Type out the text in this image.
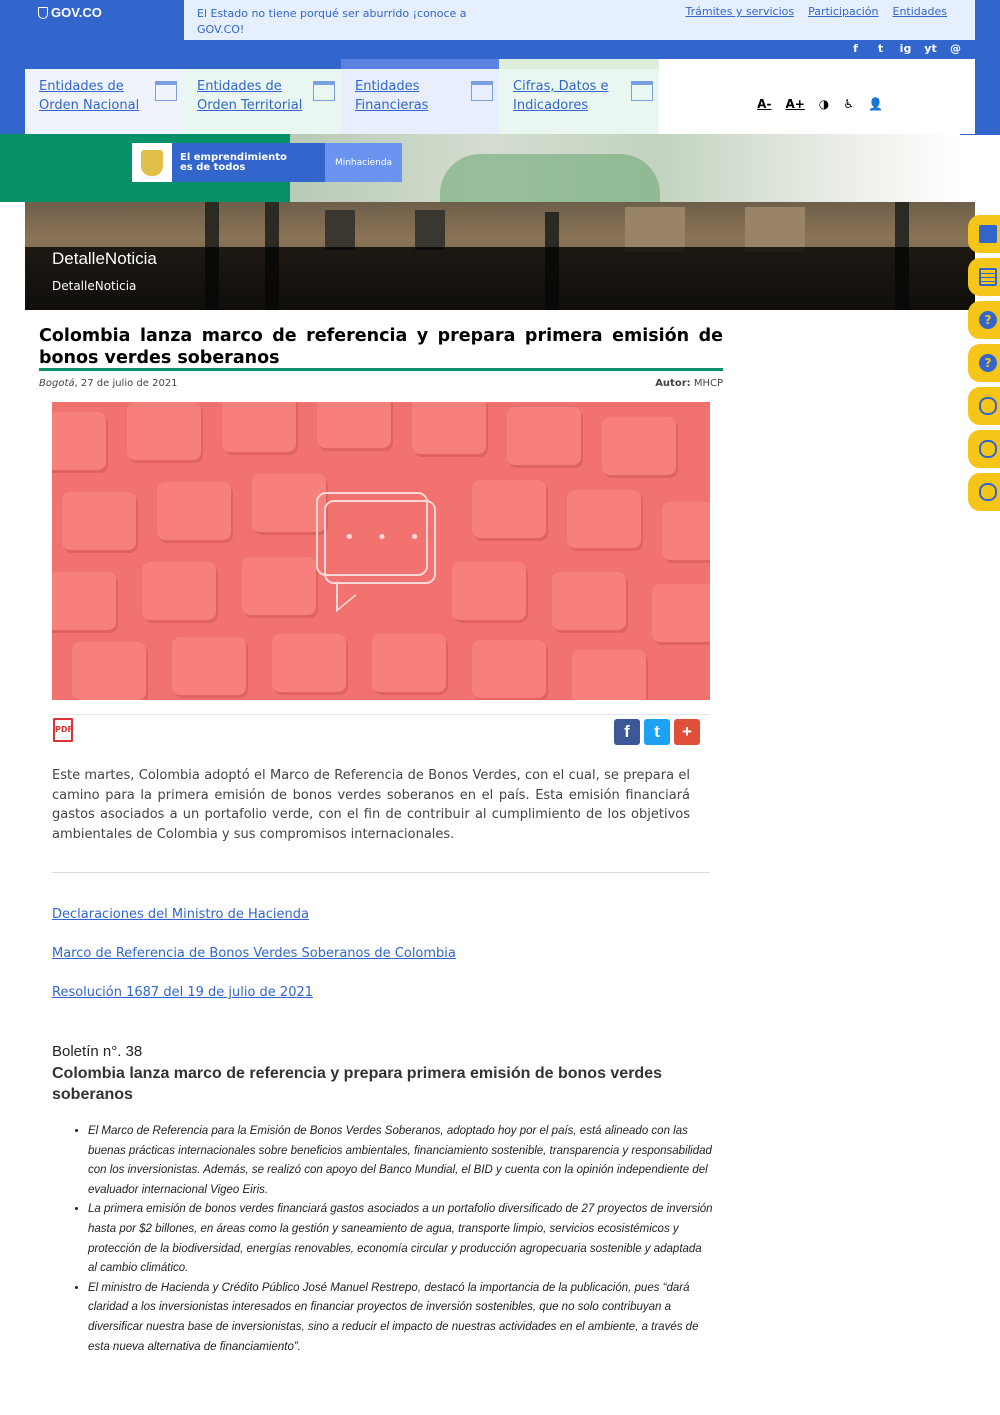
GOV.CO	El Estado no tiene porqué ser aburrido ¡conoce a GOV.CO!
Trámites y servicios Participación Entidades
f	t	ig yt @
Entidades de Orden Nacional
Entidades de Orden Territorial
Entidades Financieras
Cifras, Datos e Indicadores	A- A+ ◑ ♿ 👤
El emprendimiento
es de todos	Minhacienda
DetalleNoticia
DetalleNoticia
?
?
Colombia lanza marco de referencia y prepara primera emisión de bonos verdes soberanos
Bogotá, 27 de julio de 2021	Autor: MHCP
•••
PDF	f	t	+

Este martes, Colombia adoptó el Marco de Referencia de Bonos Verdes, con el cual, se prepara el camino para la primera emisión de bonos verdes soberanos en el país. Esta emisión financiará gastos asociados a un portafolio verde, con el fin de contribuir al cumplimiento de los objetivos ambientales de Colombia y sus compromisos internacionales.

Declaraciones del Ministro de Hacienda
Marco de Referencia de Bonos Verdes Soberanos de Colombia
Resolución 1687 del 19 de julio de 2021
Boletín n°. 38
Colombia lanza marco de referencia y prepara primera emisión de bonos verdes soberanos
• El Marco de Referencia para la Emisión de Bonos Verdes Soberanos, adoptado hoy por el país, está alineado con las buenas prácticas internacionales sobre beneficios ambientales, financiamiento sostenible, transparencia y responsabilidad con los inversionistas. Además, se realizó con apoyo del Banco Mundial, el BID y cuenta con la opinión independiente del evaluador internacional Vigeo Eiris.
• La primera emisión de bonos verdes financiará gastos asociados a un portafolio diversificado de 27 proyectos de inversión hasta por $2 billones, en áreas como la gestión y saneamiento de agua, transporte limpio, servicios ecosistémicos y protección de la biodiversidad, energías renovables, economía circular y producción agropecuaria sostenible y adaptada al cambio climático.
• El ministro de Hacienda y Crédito Público José Manuel Restrepo, destacó la importancia de la publicación, pues “dará claridad a los inversionistas interesados en financiar proyectos de inversión sostenibles, que no solo contribuyan a diversificar nuestra base de inversionistas, sino a reducir el impacto de nuestras actividades en el ambiente, a través de esta nueva alternativa de financiamiento”.
